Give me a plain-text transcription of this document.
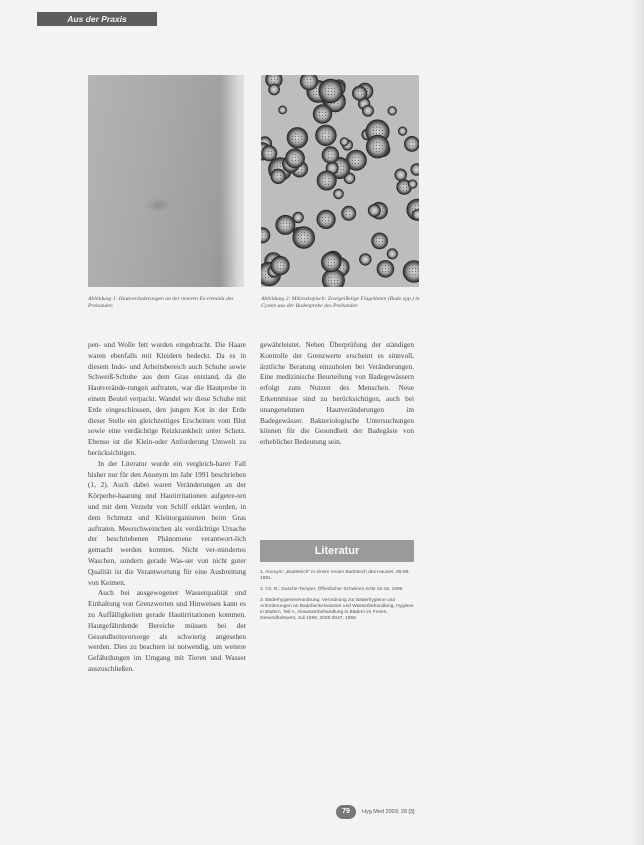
Aus der Praxis
Abbildung 1: Hautveränderungen an der inneren Ex-tremität des Probanden
Abbildung 2: Mikroskopisch: Zweigeißelige Flagellaten (Bodo spp.) in Cysten aus der Bodenprobe des Probanden

pen- und Wolle fett wurden eingebracht. Die Haare waren ebenfalls mit Kleidern bedeckt. Da es in diesem Indo- und Arbeitsbereich auch Schuhe sowie Schweiß-Schuhe aus dem Gras entstand, da die Hautverände-rungen auftraten, war die Hautprobe in einem Beutel verpackt. Wandel wir diese Schuhe mit Erde eingeschlossen, den jungen Kot in der Erde dieser Stelle ein gleichzeitiges Erscheinen vom Blut sowie eine verdächtige Reizkrankheit unter Schutz. Ebenso ist die Klein-oder Anforderung Umwelt zu berücksichtigen.

In der Literatur wurde ein vergleich-barer Fall bisher nur für den Anonym im Jahr 1991 beschrieben (1, 2). Auch dabei waren Veränderungen an der Körperbe-haarung und Hautirritationen aufgetre-ten und mit dem Verzehr von Schilf erklärt worden, in dem Schmutz und Kleinorganismen beim Gras auftraten. Meerschweinchen als verdächtige Ursache der beschriebenen Phänomene verantwort-lich gemacht werden konnten. Nicht ver-mindertes Waschen, sondern gerade Was-ser von nicht guter Qualität ist die Verantwortung für eine Ausbreitung von Keimen.

Auch bei ausgewogener Wasserqualität und Einhaltung von Grenzwerten und Hinweisen kann es zu Auffälligkeiten gerade Hautirritationen kommen. Hautgefährdende Bereiche müssen bei der Gesundheitsvorsorge als schwierig angesehen werden. Dies zu beachten ist notwendig, um weitere Gefährdungen im Umgang mit Tieren und Wasser auszuschließen.

gewährleistet. Neben Überprüfung der ständigen Kontrolle der Grenzwerte erscheint es sinnvoll, ärztliche Beratung einzuholen bei Veränderungen. Eine medizinische Beurteilung von Badegewässern erfolgt zum Nutzen des Menschen. Neue Erkenntnisse sind zu berücksichtigen, auch bei unangenehmen Hautveränderungen im Badegewässer. Bakteriologische Untersuchungen können für die Gesundheit der Badegäste von erheblicher Bedeutung sein.

Literatur
1. Anonym: „Badeteich" in einem neuen Badeteich des Hauses, 86-89, 1991.
2. Cs. N.: Dusche-Temper, Öffentlicher Schwimm-SAB 16-18, 1996.
3. Bäderhygieneverordnung: Verordnung zur Bäderhygiene und Anforderungen an Badebeckenwasser und Wasserbehandlung, Hygiene in Bädern, Teil A, Abwasserbehandlung in Bädern im Freien, Gesundheitsamt, Juli 1998, 2036-2047, 1998.
79	Hyg Med 2003; 28 [3]
